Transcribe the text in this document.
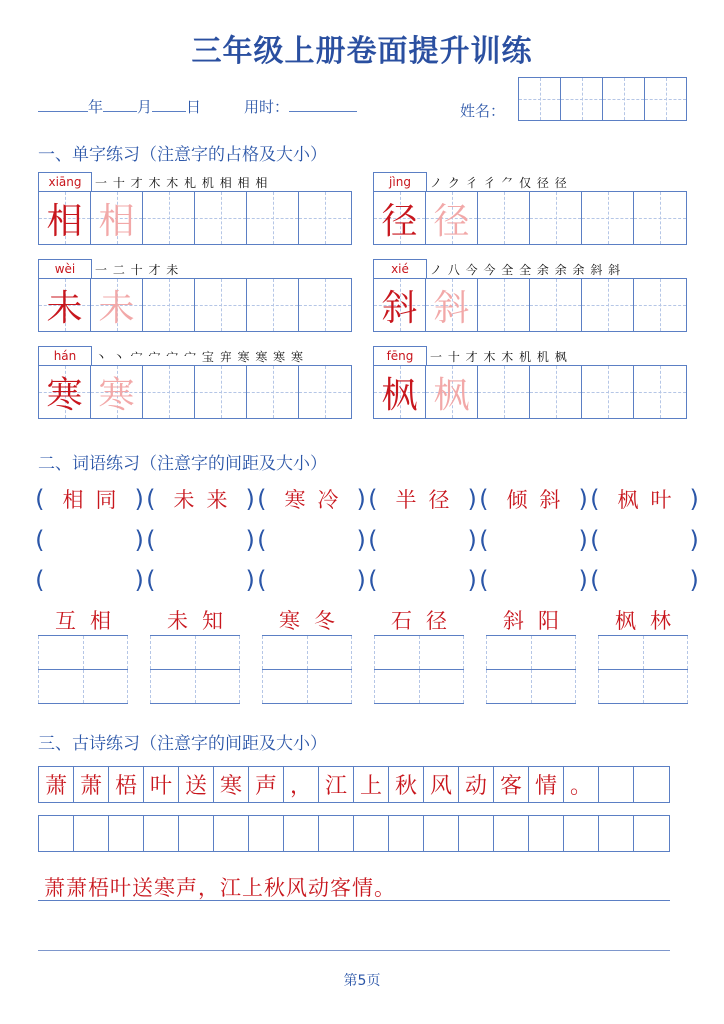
三年级上册卷面提升训练
年 月 日	用时：	姓名：
一、单字练习（注意字的占格及大小）
xiāng	一 十 才 木 木 札 机 相 相 相
相 相
jìng	ノ ク 彳 彳 ⺈ 仅 径 径
径 径
wèi	一 二 十 才 未
未 未
xié	ノ 八 今 今 全 全 余 余 余 斜 斜
斜 斜
hán	丶 丶 宀 宀 宀 宀 宝 宑 寒 寒 寒 寒
寒 寒
fēng	一 十 才 木 木 机 机 枫
枫 枫
二、词语练习（注意字的间距及大小）
( 相同 ) ( 未来 ) ( 寒冷 ) ( 半径 ) ( 倾斜 ) ( 枫叶 )
(	) (	) (	) (	) (	) (	)
(	) (	) (	) (	) (	) (	)
互相	未知	寒冬	石径	斜阳	枫林
三、古诗练习（注意字的间距及大小）
萧 萧 梧 叶 送 寒 声 ， 江 上 秋 风 动 客 情 。
萧萧梧叶送寒声，江上秋风动客情。
第5页
